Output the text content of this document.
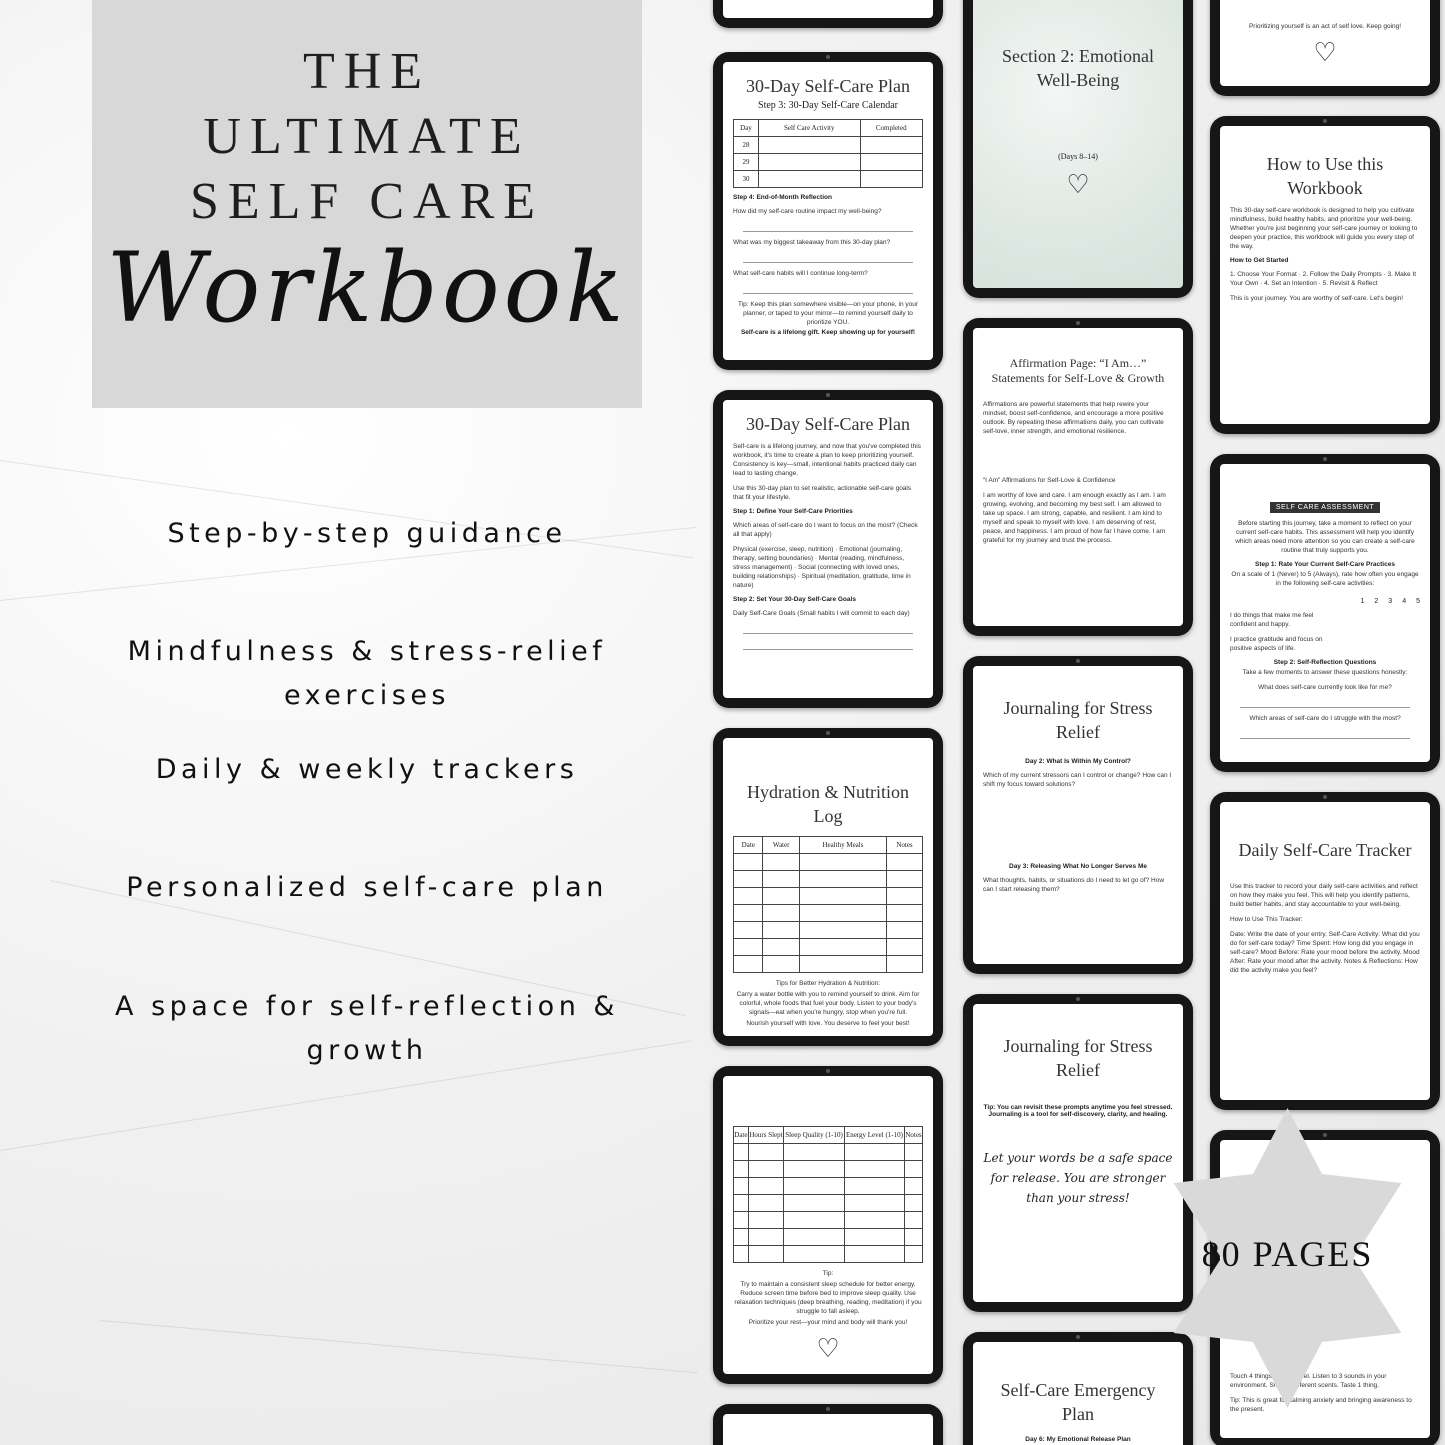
THE
ULTIMATE
SELF CARE
Workbook
Step-by-step guidance
Mindfulness & stress-relief exercises
Daily & weekly trackers
Personalized self-care plan
A space for self-reflection & growth
30-Day Self-Care Plan
Step 3: 30-Day Self-Care Calendar
Day	Self Care Activity	Completed
28		
29		
30		
Step 4: End-of-Month Reflection
How did my self-care routine impact my well-being?
What was my biggest takeaway from this 30-day plan?
What self-care habits will I continue long-term?
Tip: Keep this plan somewhere visible—on your phone, in your planner, or taped to your mirror—to remind yourself daily to prioritize YOU.
Self-care is a lifelong gift. Keep showing up for yourself!
30-Day Self-Care Plan
Self-care is a lifelong journey, and now that you've completed this workbook, it's time to create a plan to keep prioritizing yourself. Consistency is key—small, intentional habits practiced daily can lead to lasting change.
Use this 30-day plan to set realistic, actionable self-care goals that fit your lifestyle.
Step 1: Define Your Self-Care Priorities
Which areas of self-care do I want to focus on the most? (Check all that apply)
Physical (exercise, sleep, nutrition) · Emotional (journaling, therapy, setting boundaries) · Mental (reading, mindfulness, stress management) · Social (connecting with loved ones, building relationships) · Spiritual (meditation, gratitude, time in nature)
Step 2: Set Your 30-Day Self-Care Goals
Daily Self-Care Goals (Small habits I will commit to each day)
Hydration & Nutrition Log
Date	Water	Healthy Meals	Notes

Tips for Better Hydration & Nutrition:
Carry a water bottle with you to remind yourself to drink. Aim for colorful, whole foods that fuel your body. Listen to your body's signals—eat when you're hungry, stop when you're full.
Nourish yourself with love. You deserve to feel your best!
Date	Hours Slept	Sleep Quality (1-10)	Energy Level (1-10)	Notes

Tip:
Try to maintain a consistent sleep schedule for better energy. Reduce screen time before bed to improve sleep quality. Use relaxation techniques (deep breathing, reading, meditation) if you struggle to fall asleep.
Prioritize your rest—your mind and body will thank you!
♡
Section 2: Emotional Well-Being
(Days 8–14)
♡
Affirmation Page: “I Am…” Statements for Self-Love & Growth
Affirmations are powerful statements that help rewire your mindset, boost self-confidence, and encourage a more positive outlook. By repeating these affirmations daily, you can cultivate self-love, inner strength, and emotional resilience.
“I Am” Affirmations for Self-Love & Confidence
I am worthy of love and care. I am enough exactly as I am. I am growing, evolving, and becoming my best self. I am allowed to take up space. I am strong, capable, and resilient. I am kind to myself and speak to myself with love. I am deserving of rest, peace, and happiness. I am proud of how far I have come. I am grateful for my journey and trust the process.
Journaling for Stress Relief
Day 2: What Is Within My Control?
Which of my current stressors can I control or change? How can I shift my focus toward solutions?
Day 3: Releasing What No Longer Serves Me
What thoughts, habits, or situations do I need to let go of? How can I start releasing them?
Journaling for Stress Relief
Tip: You can revisit these prompts anytime you feel stressed. Journaling is a tool for self-discovery, clarity, and healing.
Let your words be a safe space for release. You are stronger than your stress!
Self-Care Emergency Plan
Day 6: My Emotional Release Plan
Prioritizing yourself is an act of self love. Keep going!
♡
How to Use this Workbook
This 30-day self-care workbook is designed to help you cultivate mindfulness, build healthy habits, and prioritize your well-being. Whether you're just beginning your self-care journey or looking to deepen your practice, this workbook will guide you every step of the way.
How to Get Started
1. Choose Your Format · 2. Follow the Daily Prompts · 3. Make It Your Own · 4. Set an Intention · 5. Revisit & Reflect
This is your journey. You are worthy of self-care. Let's begin!
SELF CARE ASSESSMENT
Before starting this journey, take a moment to reflect on your current self-care habits. This assessment will help you identify which areas need more attention so you can create a self-care routine that truly supports you.
Step 1: Rate Your Current Self-Care Practices
On a scale of 1 (Never) to 5 (Always), rate how often you engage in the following self-care activities:
1 2 3 4 5
I do things that make me feel confident and happy.
I practice gratitude and focus on positive aspects of life.
Step 2: Self-Reflection Questions
Take a few moments to answer these questions honestly:
What does self-care currently look like for me?
Which areas of self-care do I struggle with the most?
Daily Self-Care Tracker
Use this tracker to record your daily self-care activities and reflect on how they make you feel. This will help you identify patterns, build better habits, and stay accountable to your well-being.
How to Use This Tracker:
Date: Write the date of your entry. Self-Care Activity: What did you do for self-care today? Time Spent: How long did you engage in self-care? Mood Before: Rate your mood before the activity. Mood After: Rate your mood after the activity. Notes & Reflections: How did the activity make you feel?
Touch 4 things you can feel. Listen to 3 sounds in your environment. Smell 2 different scents. Taste 1 thing.
Tip: This is great for calming anxiety and bringing awareness to the present.
80 PAGES
